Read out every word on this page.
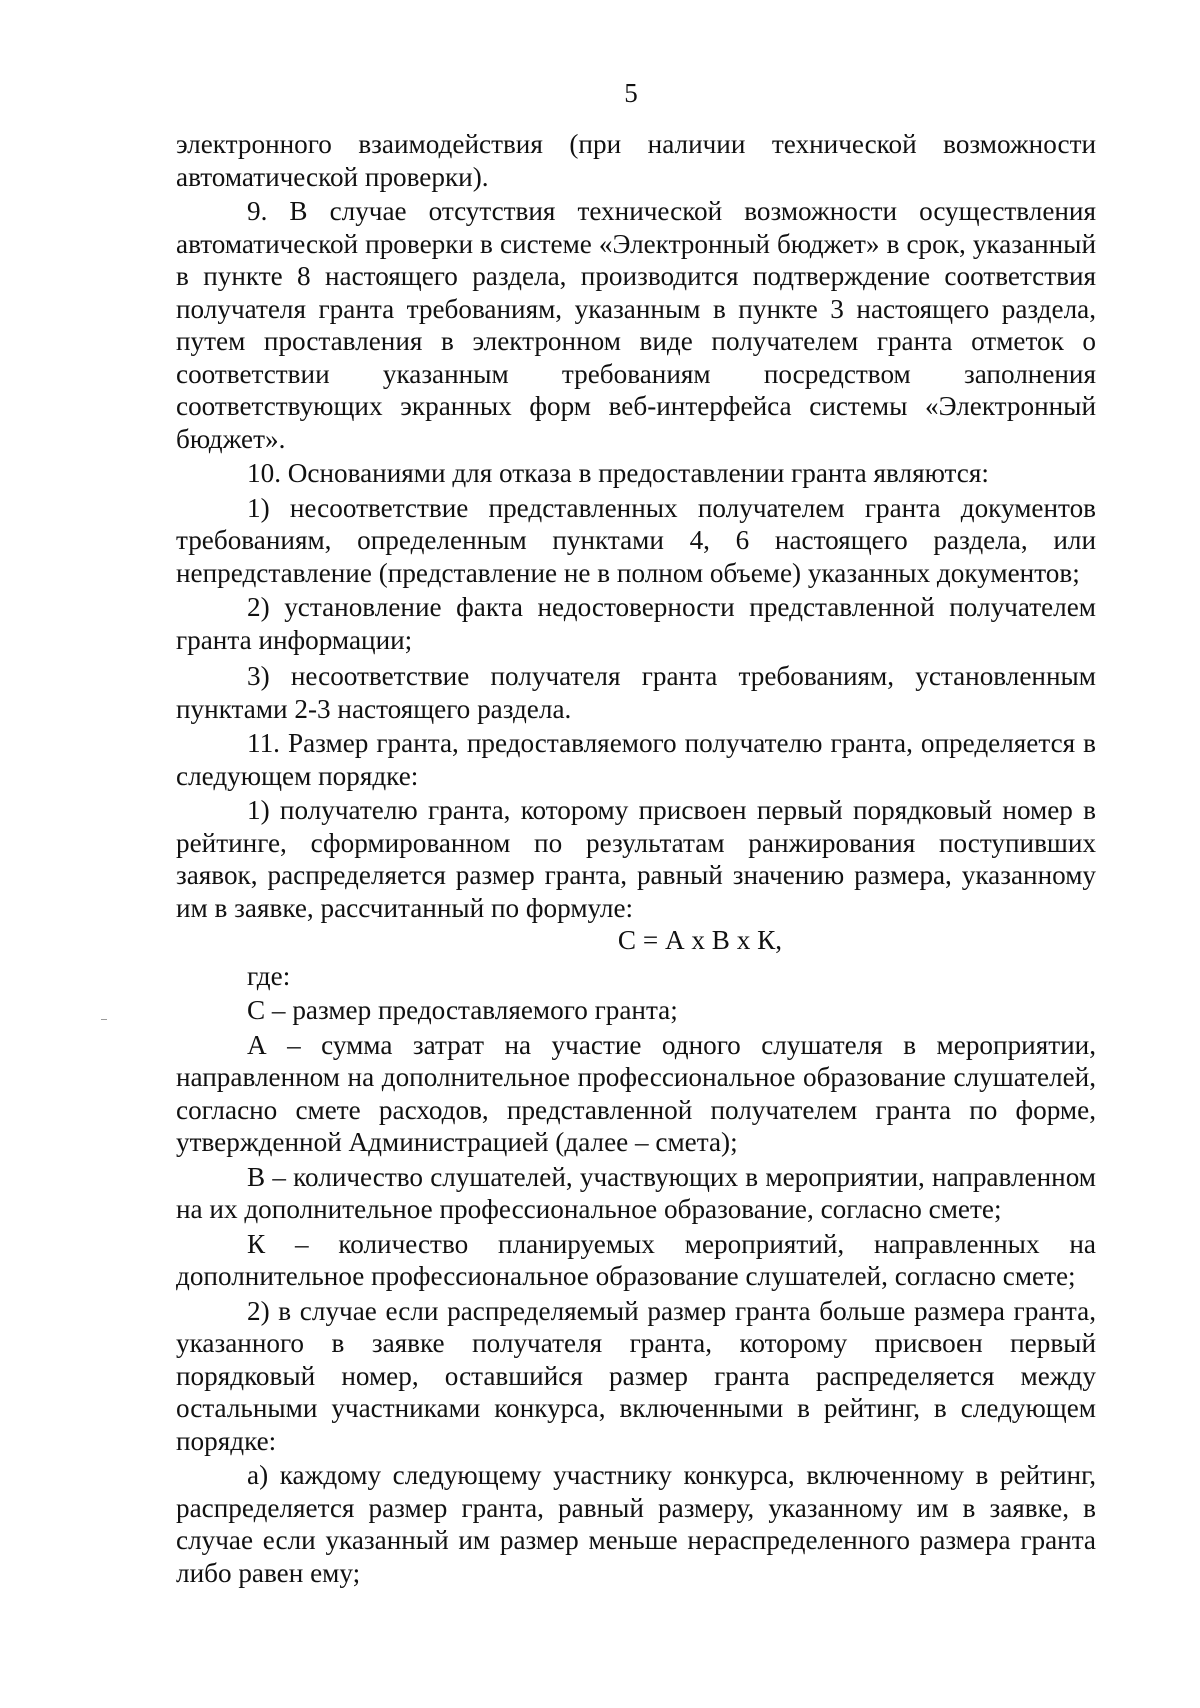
5

электронного взаимодействия (при наличии технической возможности автоматической проверки).

9. В случае отсутствия технической возможности осуществления автоматической проверки в системе «Электронный бюджет» в срок, указанный в пункте 8 настоящего раздела, производится подтверждение соответствия получателя гранта требованиям, указанным в пункте 3 настоящего раздела, путем проставления в электронном виде получателем гранта отметок о соответствии указанным требованиям посредством заполнения соответствующих экранных форм веб-интерфейса системы «Электронный бюджет».

10. Основаниями для отказа в предоставлении гранта являются:

1) несоответствие представленных получателем гранта документов требованиям, определенным пунктами 4, 6 настоящего раздела, или непредставление (представление не в полном объеме) указанных документов;

2) установление факта недостоверности представленной получателем гранта информации;

3) несоответствие получателя гранта требованиям, установленным пунктами 2-3 настоящего раздела.

11. Размер гранта, предоставляемого получателю гранта, определяется в следующем порядке:

1) получателю гранта, которому присвоен первый порядковый номер в рейтинге, сформированном по результатам ранжирования поступивших заявок, распределяется размер гранта, равный значению размера, указанному им в заявке, рассчитанный по формуле:

С = А х В х К,

где:

С – размер предоставляемого гранта;

А – сумма затрат на участие одного слушателя в мероприятии, направленном на дополнительное профессиональное образование слушателей, согласно смете расходов, представленной получателем гранта по форме, утвержденной Администрацией (далее – смета);

В – количество слушателей, участвующих в мероприятии, направленном на их дополнительное профессиональное образование, согласно смете;

К – количество планируемых мероприятий, направленных на дополнительное профессиональное образование слушателей, согласно смете;

2) в случае если распределяемый размер гранта больше размера гранта, указанного в заявке получателя гранта, которому присвоен первый порядковый номер, оставшийся размер гранта распределяется между остальными участниками конкурса, включенными в рейтинг, в следующем порядке:

а) каждому следующему участнику конкурса, включенному в рейтинг, распределяется размер гранта, равный размеру, указанному им в заявке, в случае если указанный им размер меньше нераспределенного размера гранта либо равен ему;
